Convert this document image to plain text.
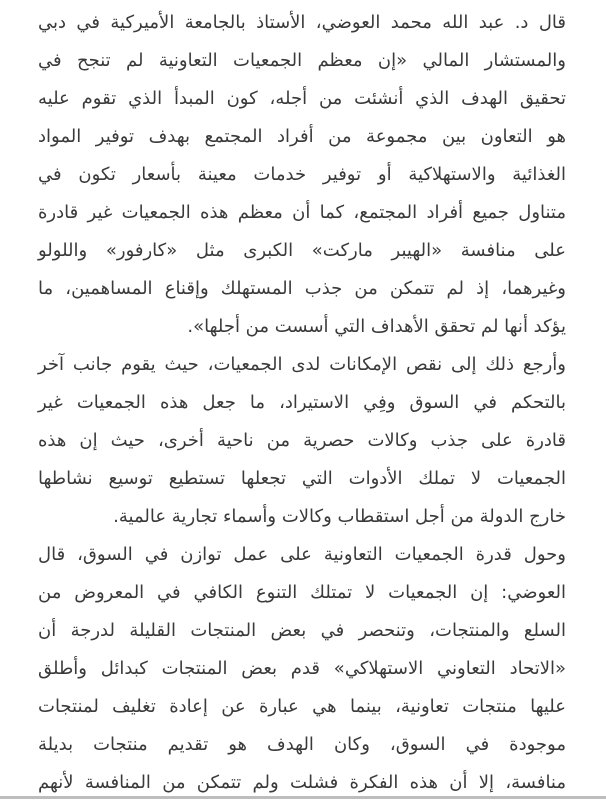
قال د. عبد الله محمد العوضي، الأستاذ بالجامعة الأميركية في دبي
والمستشار المالي «إن معظم الجمعيات التعاونية لم تنجح في
تحقيق الهدف الذي أنشئت من أجله، كون المبدأ الذي تقوم عليه
هو التعاون بين مجموعة من أفراد المجتمع بهدف توفير المواد
الغذائية والاستهلاكية أو توفير خدمات معينة بأسعار تكون في
متناول جميع أفراد المجتمع، كما أن معظم هذه الجمعيات غير قادرة
على منافسة «الهيبر ماركت» الكبرى مثل «كارفور» واللولو
وغيرهما، إذ لم تتمكن من جذب المستهلك وإقناع المساهمين، ما
يؤكد أنها لم تحقق الأهداف التي أسست من أجلها».
وأرجع ذلك إلى نقص الإمكانات لدى الجمعيات، حيث يقوم جانب آخر
بالتحكم في السوق وفِي الاستيراد، ما جعل هذه الجمعيات غير
قادرة على جذب وكالات حصرية من ناحية أخرى، حيث إن هذه
الجمعيات لا تملك الأدوات التي تجعلها تستطيع توسيع نشاطها
خارج الدولة من أجل استقطاب وكالات وأسماء تجارية عالمية.
وحول قدرة الجمعيات التعاونية على عمل توازن في السوق، قال
العوضي: إن الجمعيات لا تمتلك التنوع الكافي في المعروض من
السلع والمنتجات، وتنحصر في بعض المنتجات القليلة لدرجة أن
«الاتحاد التعاوني الاستهلاكي» قدم بعض المنتجات كبدائل وأطلق
عليها منتجات تعاونية، بينما هي عبارة عن إعادة تغليف لمنتجات
موجودة في السوق، وكان الهدف هو تقديم منتجات بديلة
منافسة، إلا أن هذه الفكرة فشلت ولم تتمكن من المنافسة لأنهم
